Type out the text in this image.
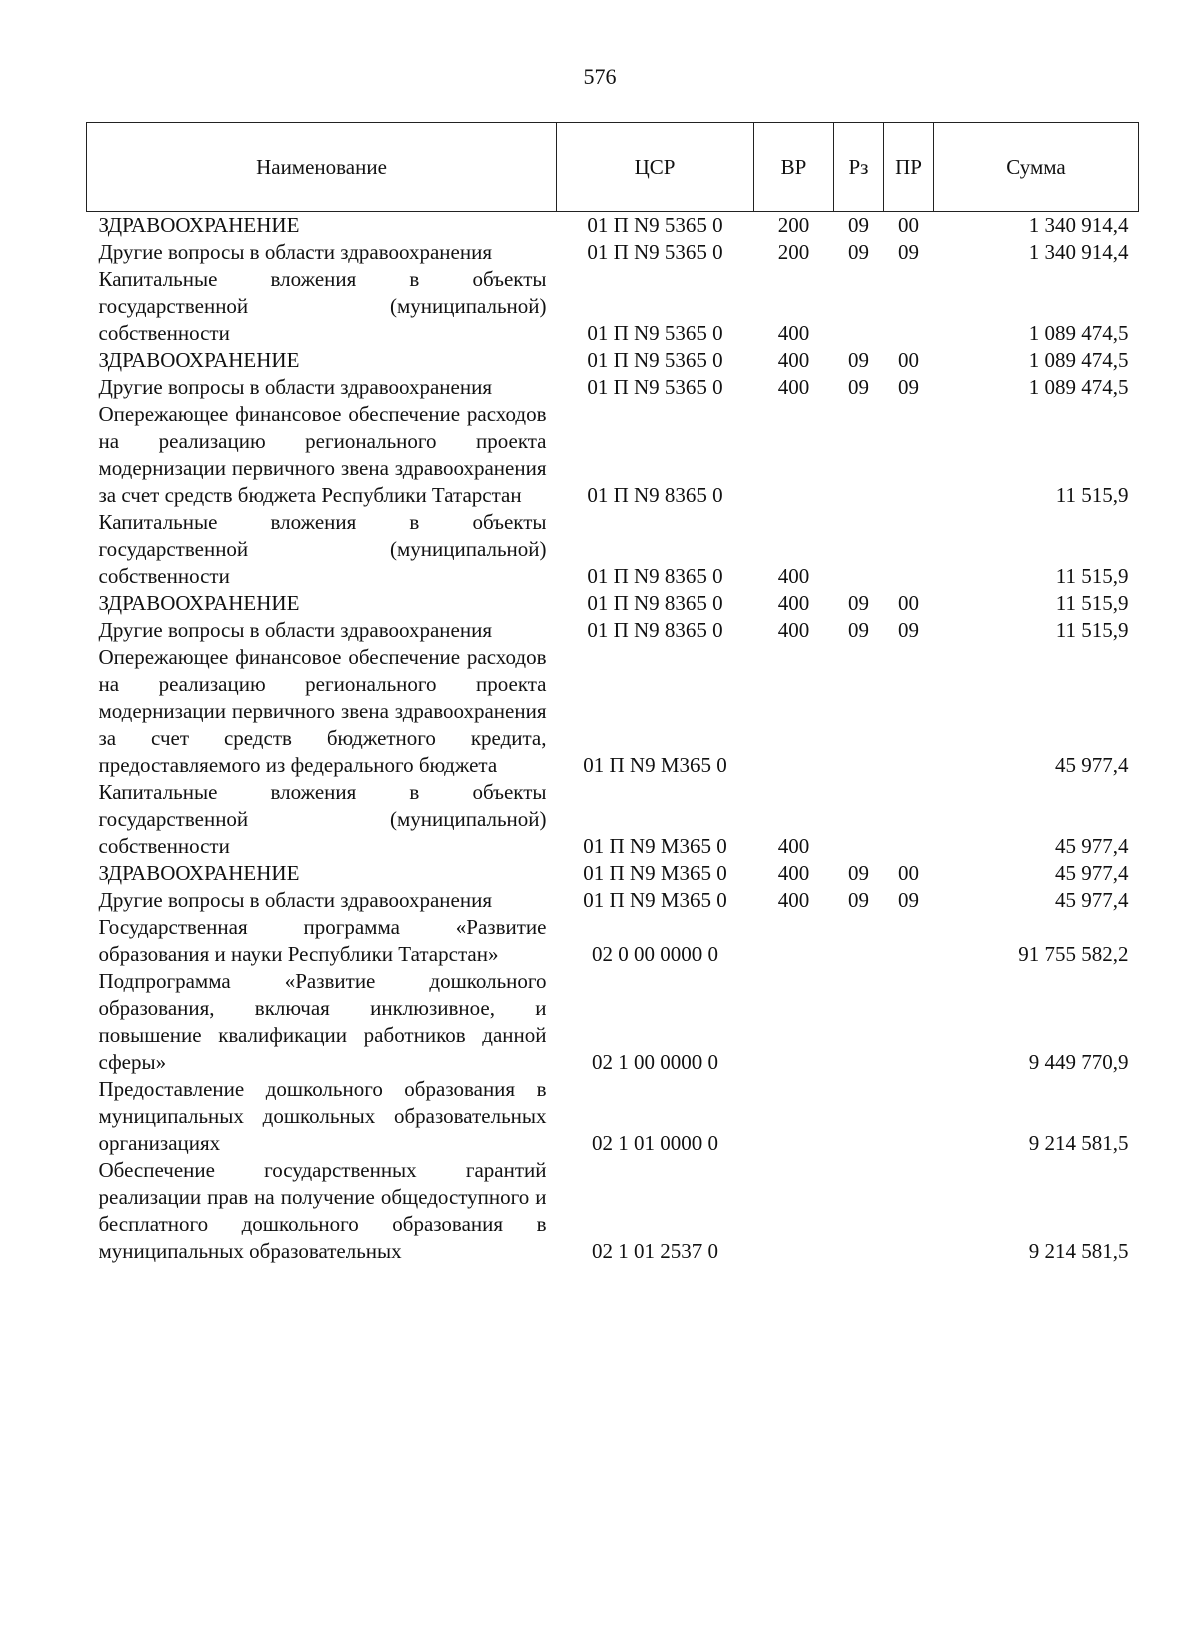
576
Наименование	ЦСР	ВР	Рз	ПР	Сумма
ЗДРАВООХРАНЕНИЕ	01 П N9 5365 0	200	09	00	1 340 914,4
Другие вопросы в области здравоохранения	01 П N9 5365 0	200	09	09	1 340 914,4
Капитальные вложения в объекты государственной (муниципальной) собственности	01 П N9 5365 0	400			1 089 474,5
ЗДРАВООХРАНЕНИЕ	01 П N9 5365 0	400	09	00	1 089 474,5
Другие вопросы в области здравоохранения	01 П N9 5365 0	400	09	09	1 089 474,5
Опережающее финансовое обеспечение расходов на реализацию регионального проекта модернизации первичного звена здравоохранения за счет средств бюджета Республики Татарстан	01 П N9 8365 0				11 515,9
Капитальные вложения в объекты государственной (муниципальной) собственности	01 П N9 8365 0	400			11 515,9
ЗДРАВООХРАНЕНИЕ	01 П N9 8365 0	400	09	00	11 515,9
Другие вопросы в области здравоохранения	01 П N9 8365 0	400	09	09	11 515,9
Опережающее финансовое обеспечение расходов на реализацию регионального проекта модернизации первичного звена здравоохранения за счет средств бюджетного кредита, предоставляемого из федерального бюджета	01 П N9 М365 0				45 977,4
Капитальные вложения в объекты государственной (муниципальной) собственности	01 П N9 М365 0	400			45 977,4
ЗДРАВООХРАНЕНИЕ	01 П N9 М365 0	400	09	00	45 977,4
Другие вопросы в области здравоохранения	01 П N9 М365 0	400	09	09	45 977,4
Государственная программа «Развитие образования и науки Республики Татарстан»	02 0 00 0000 0				91 755 582,2
Подпрограмма «Развитие дошкольного образования, включая инклюзивное, и повышение квалификации работников данной сферы»	02 1 00 0000 0				9 449 770,9
Предоставление дошкольного образования в муниципальных дошкольных образовательных организациях	02 1 01 0000 0				9 214 581,5
Обеспечение государственных гарантий реализации прав на получение общедоступного и бесплатного дошкольного образования в муниципальных образовательных	02 1 01 2537 0				9 214 581,5
